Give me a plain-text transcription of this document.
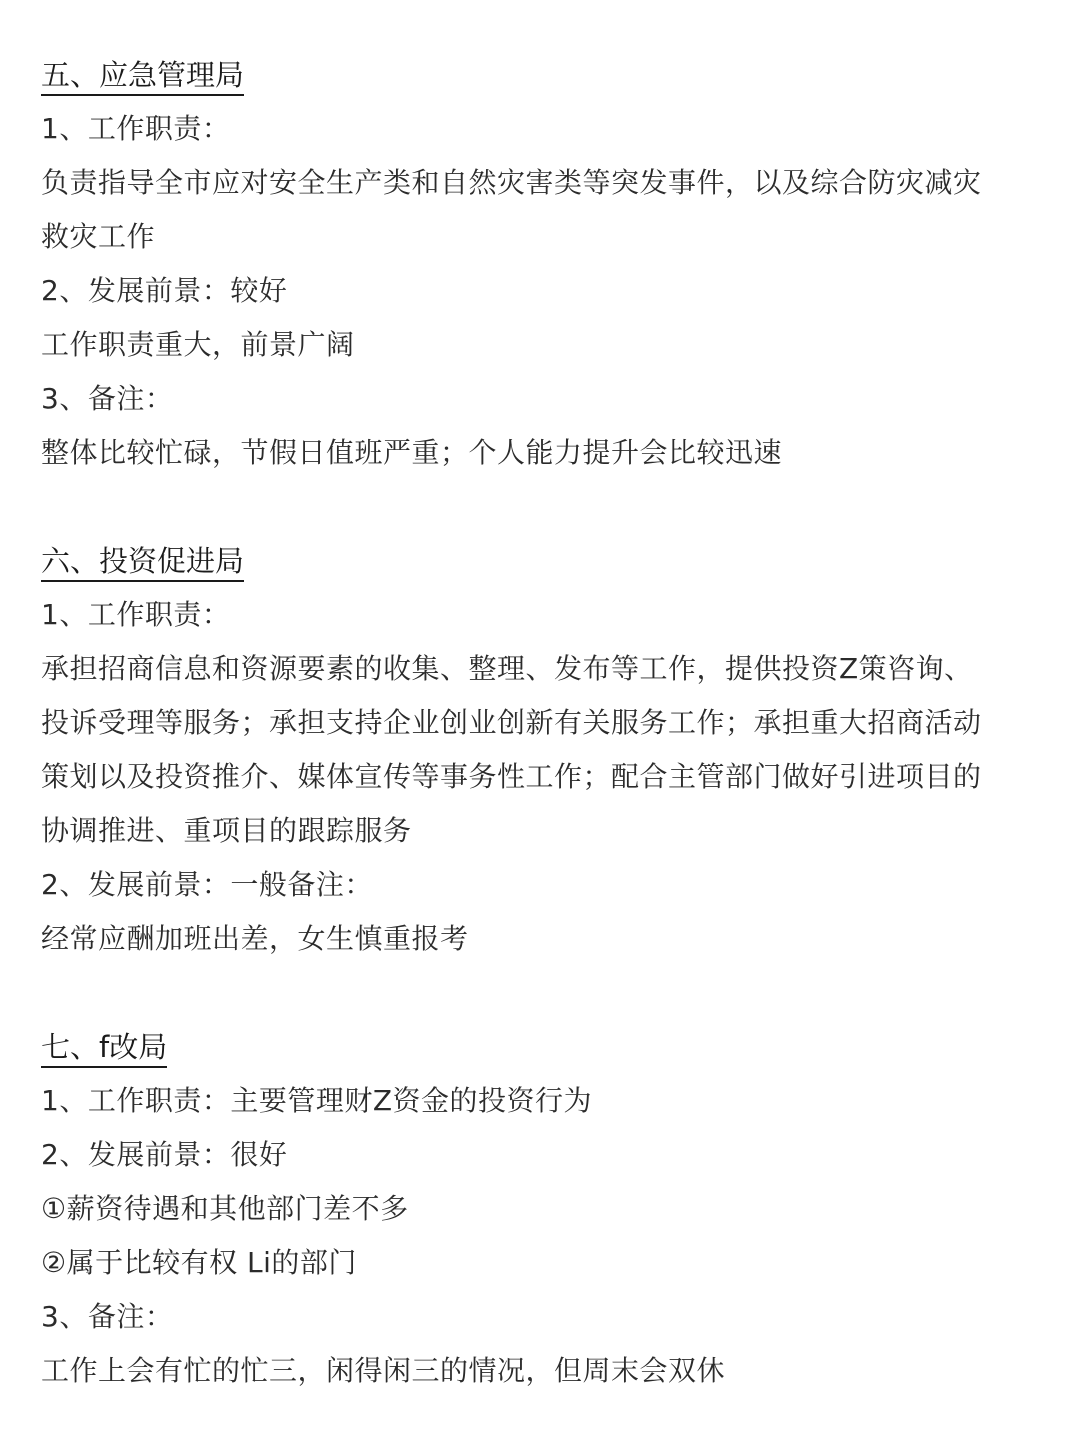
五、应急管理局
1、工作职责：
负责指导全市应对安全生产类和自然灾害类等突发事件，以及综合防灾减灾
救灾工作
2、发展前景：较好
工作职责重大，前景广阔
3、备注：
整体比较忙碌，节假日值班严重；个人能力提升会比较迅速
六、投资促进局
1、工作职责：
承担招商信息和资源要素的收集、整理、发布等工作，提供投资Z策咨询、
投诉受理等服务；承担支持企业创业创新有关服务工作；承担重大招商活动
策划以及投资推介、媒体宣传等事务性工作；配合主管部门做好引进项目的
协调推进、重项目的跟踪服务
2、发展前景：一般备注：
经常应酬加班出差，女生慎重报考
七、f改局
1、工作职责：主要管理财Z资金的投资行为
2、发展前景：很好
①薪资待遇和其他部门差不多
②属于比较有权 Li的部门
3、备注：
工作上会有忙的忙三，闲得闲三的情况，但周末会双休
